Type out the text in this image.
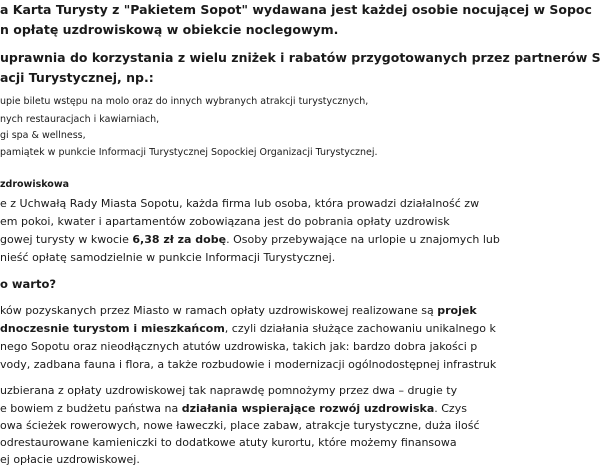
a Karta Turysty z "Pakietem Sopot" wydawana jest każdej osobie nocującej w Sopoc

n opłatę uzdrowiskową w obiekcie noclegowym.

uprawnia do korzystania z wielu zniżek i rabatów przygotowanych przez partnerów S

acji Turystycznej, np.:

upie biletu wstępu na molo oraz do innych wybranych atrakcji turystycznych,

nych restauracjach i kawiarniach,

gi spa & wellness,

pamiątek w punkcie Informacji Turystycznej Sopockiej Organizacji Turystycznej.

zdrowiskowa

e z Uchwałą Rady Miasta Sopotu, każda firma lub osoba, która prowadzi działalność zw

em pokoi, kwater i apartamentów zobowiązana jest do pobrania opłaty uzdrowisk

gowej turysty w kwocie 6,38 zł za dobę. Osoby przebywające na urlopie u znajomych lub

nieść opłatę samodzielnie w punkcie Informacji Turystycznej.

o warto?

ków pozyskanych przez Miasto w ramach opłaty uzdrowiskowej realizowane są projek

dnoczesnie turystom i mieszkańcom, czyli działania służące zachowaniu unikalnego k

nego Sopotu oraz nieodłącznych atutów uzdrowiska, takich jak: bardzo dobra jakości p

vody, zadbana fauna i flora, a także rozbudowie i modernizacji ogólnodostępnej infrastruk

uzbierana z opłaty uzdrowiskowej tak naprawdę pomnożymy przez dwa – drugie ty

e bowiem z budżetu państwa na działania wspierające rozwój uzdrowiska. Czys

owa ścieżek rowerowych, nowe ławeczki, place zabaw, atrakcje turystyczne, duża ilość

odrestaurowane kamieniczki to dodatkowe atuty kurortu, które możemy finansowa

ej opłacie uzdrowiskowej.
